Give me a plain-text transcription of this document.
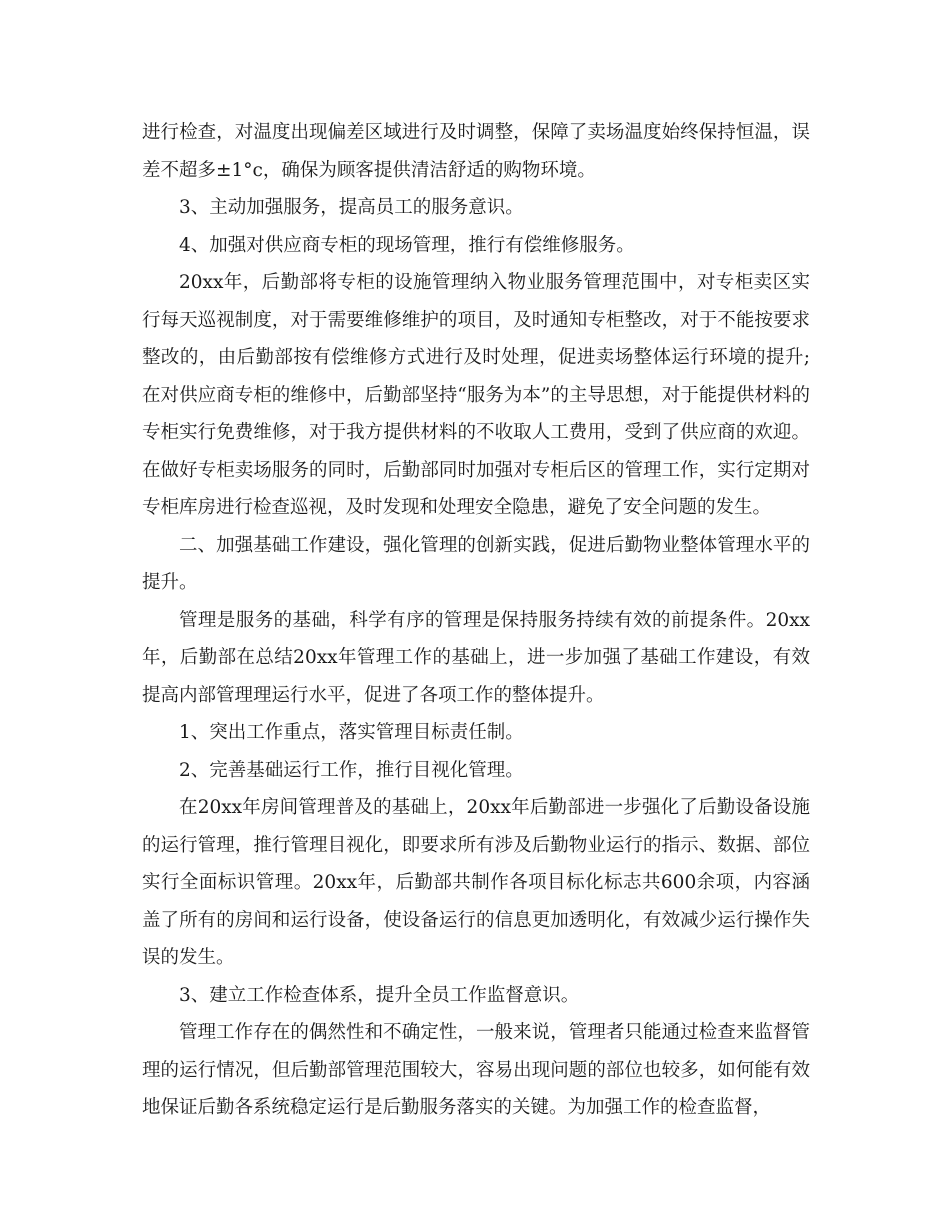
进行检查，对温度出现偏差区域进行及时调整，保障了卖场温度始终保持恒温，误差不超多±1°c，确保为顾客提供清洁舒适的购物环境。

3、主动加强服务，提高员工的服务意识。

4、加强对供应商专柜的现场管理，推行有偿维修服务。

20xx年，后勤部将专柜的设施管理纳入物业服务管理范围中，对专柜卖区实行每天巡视制度，对于需要维修维护的项目，及时通知专柜整改，对于不能按要求整改的，由后勤部按有偿维修方式进行及时处理，促进卖场整体运行环境的提升;在对供应商专柜的维修中，后勤部坚持“服务为本”的主导思想，对于能提供材料的专柜实行免费维修，对于我方提供材料的不收取人工费用，受到了供应商的欢迎。在做好专柜卖场服务的同时，后勤部同时加强对专柜后区的管理工作，实行定期对专柜库房进行检查巡视，及时发现和处理安全隐患，避免了安全问题的发生。

二、加强基础工作建设，强化管理的创新实践，促进后勤物业整体管理水平的提升。

管理是服务的基础，科学有序的管理是保持服务持续有效的前提条件。20xx年，后勤部在总结20xx年管理工作的基础上，进一步加强了基础工作建设，有效提高内部管理理运行水平，促进了各项工作的整体提升。

1、突出工作重点，落实管理目标责任制。

2、完善基础运行工作，推行目视化管理。

在20xx年房间管理普及的基础上，20xx年后勤部进一步强化了后勤设备设施的运行管理，推行管理目视化，即要求所有涉及后勤物业运行的指示、数据、部位实行全面标识管理。20xx年，后勤部共制作各项目标化标志共600余项，内容涵盖了所有的房间和运行设备，使设备运行的信息更加透明化，有效减少运行操作失误的发生。

3、建立工作检查体系，提升全员工作监督意识。

管理工作存在的偶然性和不确定性，一般来说，管理者只能通过检查来监督管理的运行情况，但后勤部管理范围较大，容易出现问题的部位也较多，如何能有效地保证后勤各系统稳定运行是后勤服务落实的关键。为加强工作的检查监督，
